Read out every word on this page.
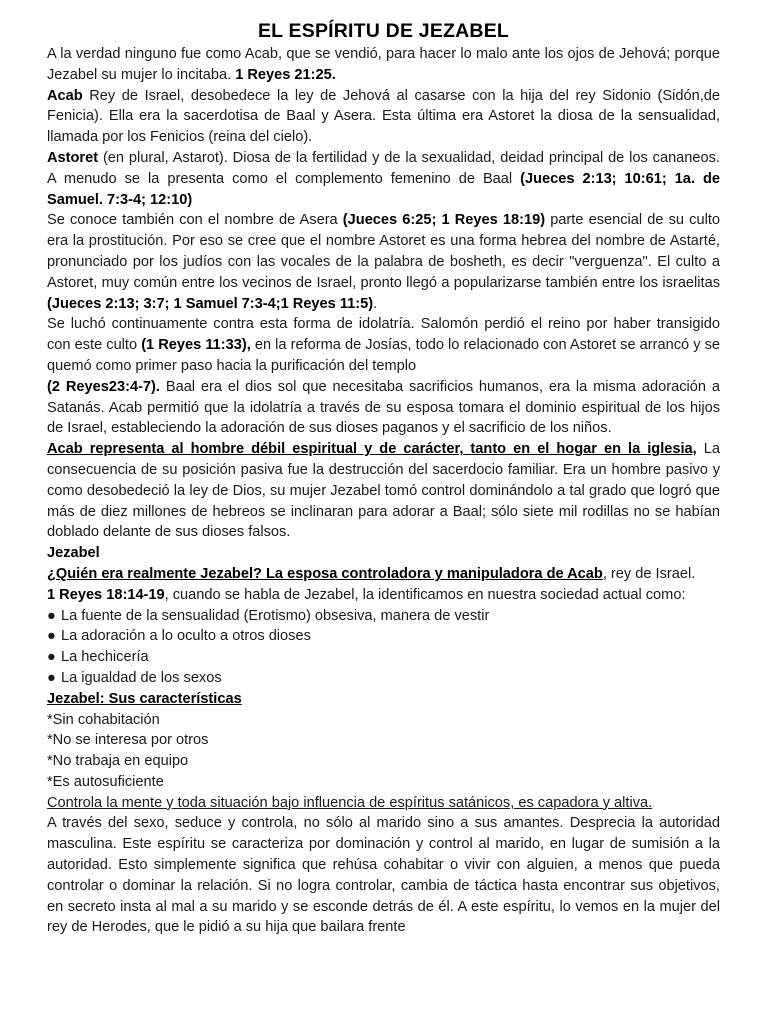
EL ESPÍRITU DE JEZABEL

A la verdad ninguno fue como Acab, que se vendió, para hacer lo malo ante los ojos de Jehová; porque Jezabel su mujer lo incitaba. 1 Reyes 21:25.

Acab Rey de Israel, desobedece la ley de Jehová al casarse con la hija del rey Sidonio (Sidón,de Fenicia). Ella era la sacerdotisa de Baal y Asera. Esta última era Astoret la diosa de la sensualidad, llamada por los Fenicios (reina del cielo).

Astoret (en plural, Astarot). Diosa de la fertilidad y de la sexualidad, deidad principal de los cananeos. A menudo se la presenta como el complemento femenino de Baal (Jueces 2:13; 10:61; 1a. de Samuel. 7:3-4; 12:10)

Se conoce también con el nombre de Asera (Jueces 6:25; 1 Reyes 18:19) parte esencial de su culto era la prostitución. Por eso se cree que el nombre Astoret es una forma hebrea del nombre de Astarté, pronunciado por los judíos con las vocales de la palabra de bosheth, es decir "verguenza". El culto a Astoret, muy común entre los vecinos de Israel, pronto llegó a popularizarse también entre los israelitas (Jueces 2:13; 3:7; 1 Samuel 7:3-4;1 Reyes 11:5).

Se luchó continuamente contra esta forma de idolatría. Salomón perdió el reino por haber transigido con este culto (1 Reyes 11:33), en la reforma de Josías, todo lo relacionado con Astoret se arrancó y se quemó como primer paso hacia la purificación del templo

(2 Reyes23:4-7). Baal era el dios sol que necesitaba sacrificios humanos, era la misma adoración a Satanás. Acab permitió que la idolatría a través de su esposa tomara el dominio espiritual de los hijos de Israel, estableciendo la adoración de sus dioses paganos y el sacrificio de los niños.

Acab representa al hombre débil espiritual y de carácter, tanto en el hogar en la iglesia, La consecuencia de su posición pasiva fue la destrucción del sacerdocio familiar. Era un hombre pasivo y como desobedeció la ley de Dios, su mujer Jezabel tomó control dominándolo a tal grado que logró que más de diez millones de hebreos se inclinaran para adorar a Baal; sólo siete mil rodillas no se habían doblado delante de sus dioses falsos.

Jezabel

¿Quién era realmente Jezabel? La esposa controladora y manipuladora de Acab, rey de Israel.

1 Reyes 18:14-19, cuando se habla de Jezabel, la identificamos en nuestra sociedad actual como:

● La fuente de la sensualidad (Erotismo) obsesiva, manera de vestir

● La adoración a lo oculto a otros dioses

● La hechicería

● La igualdad de los sexos

Jezabel: Sus características

*Sin cohabitación

*No se interesa por otros

*No trabaja en equipo

*Es autosuficiente

Controla la mente y toda situación bajo influencia de espíritus satánicos, es capadora y altiva.

A través del sexo, seduce y controla, no sólo al marido sino a sus amantes. Desprecia la autoridad masculina. Este espíritu se caracteriza por dominación y control al marido, en lugar de sumisión a la autoridad. Esto simplemente significa que rehúsa cohabitar o vivir con alguien, a menos que pueda controlar o dominar la relación. Si no logra controlar, cambia de táctica hasta encontrar sus objetivos, en secreto insta al mal a su marido y se esconde detrás de él. A este espíritu, lo vemos en la mujer del rey de Herodes, que le pidió a su hija que bailara frente
